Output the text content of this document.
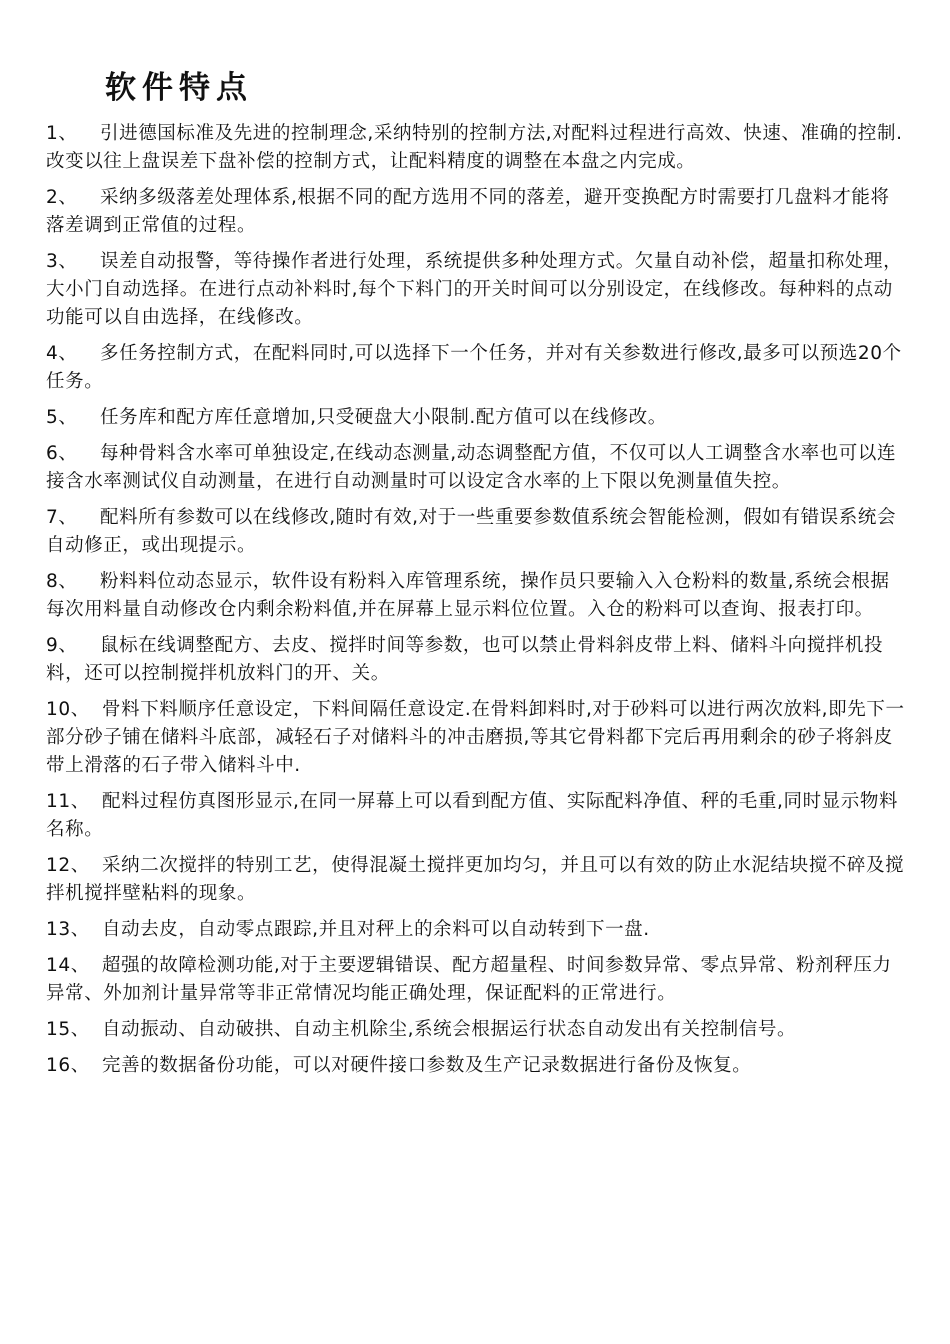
软件特点
1、	引进德国标准及先进的控制理念,采纳特别的控制方法,对配料过程进行高效、快速、准确的控制.改变以往上盘误差下盘补偿的控制方式，让配料精度的调整在本盘之内完成。
2、	采纳多级落差处理体系,根据不同的配方选用不同的落差，避开变换配方时需要打几盘料才能将落差调到正常值的过程。
3、	误差自动报警，等待操作者进行处理，系统提供多种处理方式。欠量自动补偿，超量扣称处理，大小门自动选择。在进行点动补料时,每个下料门的开关时间可以分别设定，在线修改。每种料的点动功能可以自由选择，在线修改。
4、	多任务控制方式，在配料同时,可以选择下一个任务，并对有关参数进行修改,最多可以预选20个任务。
5、	任务库和配方库任意增加,只受硬盘大小限制.配方值可以在线修改。
6、	每种骨料含水率可单独设定,在线动态测量,动态调整配方值，不仅可以人工调整含水率也可以连接含水率测试仪自动测量，在进行自动测量时可以设定含水率的上下限以免测量值失控。
7、	配料所有参数可以在线修改,随时有效,对于一些重要参数值系统会智能检测，假如有错误系统会自动修正，或出现提示。
8、	粉料料位动态显示，软件设有粉料入库管理系统，操作员只要输入入仓粉料的数量,系统会根据每次用料量自动修改仓内剩余粉料值,并在屏幕上显示料位位置。入仓的粉料可以查询、报表打印。
9、	鼠标在线调整配方、去皮、搅拌时间等参数，也可以禁止骨料斜皮带上料、储料斗向搅拌机投料，还可以控制搅拌机放料门的开、关。
10、 骨料下料顺序任意设定，下料间隔任意设定.在骨料卸料时,对于砂料可以进行两次放料,即先下一部分砂子铺在储料斗底部，减轻石子对储料斗的冲击磨损,等其它骨料都下完后再用剩余的砂子将斜皮带上滑落的石子带入储料斗中.
11、 配料过程仿真图形显示,在同一屏幕上可以看到配方值、实际配料净值、秤的毛重,同时显示物料名称。
12、 采纳二次搅拌的特别工艺，使得混凝土搅拌更加均匀，并且可以有效的防止水泥结块搅不碎及搅拌机搅拌壁粘料的现象。
13、 自动去皮，自动零点跟踪,并且对秤上的余料可以自动转到下一盘.
14、 超强的故障检测功能,对于主要逻辑错误、配方超量程、时间参数异常、零点异常、粉剂秤压力异常、外加剂计量异常等非正常情况均能正确处理，保证配料的正常进行。
15、 自动振动、自动破拱、自动主机除尘,系统会根据运行状态自动发出有关控制信号。
16、 完善的数据备份功能，可以对硬件接口参数及生产记录数据进行备份及恢复。
